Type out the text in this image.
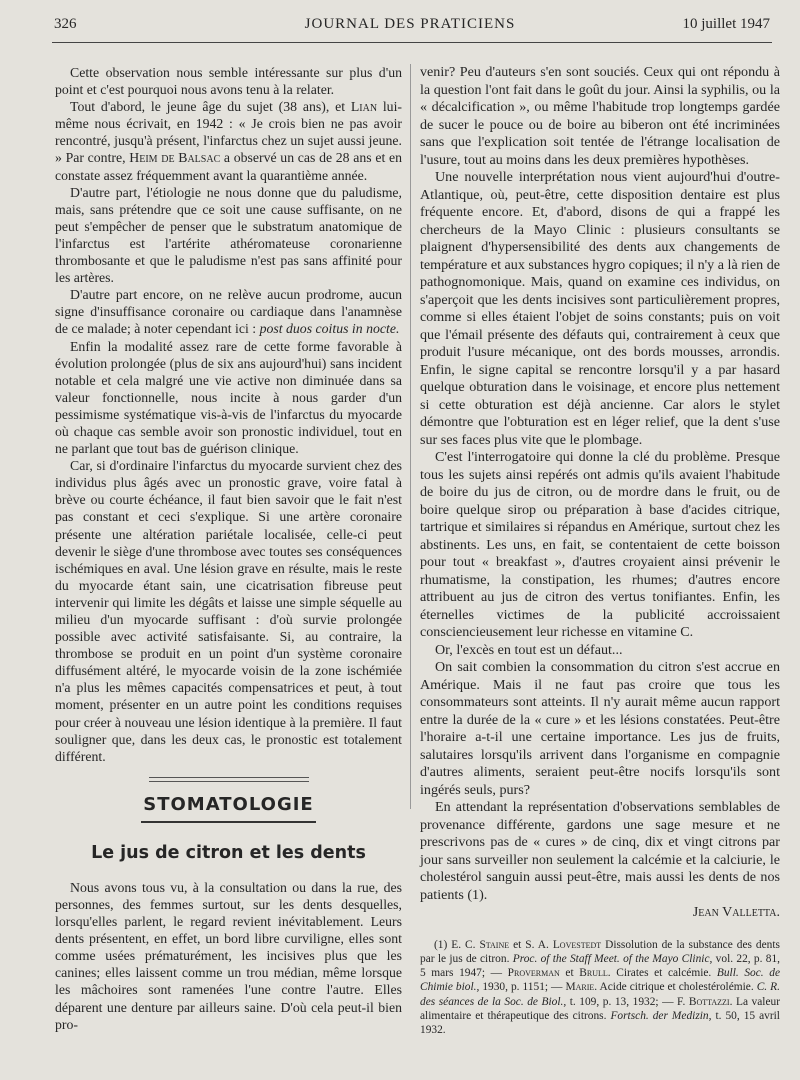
326	JOURNAL DES PRATICIENS	10 juillet 1947

Cette observation nous semble intéressante sur plus d'un point et c'est pourquoi nous avons tenu à la relater.

Tout d'abord, le jeune âge du sujet (38 ans), et Lian lui-même nous écrivait, en 1942 : « Je crois bien ne pas avoir rencontré, jusqu'à présent, l'infarctus chez un sujet aussi jeune. » Par contre, Heim de Balsac a observé un cas de 28 ans et en constate assez fréquemment avant la quarantième année.

D'autre part, l'étiologie ne nous donne que du paludisme, mais, sans prétendre que ce soit une cause suffisante, on ne peut s'empêcher de penser que le substratum anatomique de l'infarctus est l'artérite athéromateuse coronarienne thrombosante et que le paludisme n'est pas sans affinité pour les artères.

D'autre part encore, on ne relève aucun prodrome, aucun signe d'insuffisance coronaire ou cardiaque dans l'anamnèse de ce malade; à noter cependant ici : post duos coitus in nocte.

Enfin la modalité assez rare de cette forme favorable à évolution prolongée (plus de six ans aujourd'hui) sans incident notable et cela malgré une vie active non diminuée dans sa valeur fonctionnelle, nous incite à nous garder d'un pessimisme systématique vis-à-vis de l'infarctus du myocarde où chaque cas semble avoir son pronostic individuel, tout en ne parlant que tout bas de guérison clinique.

Car, si d'ordinaire l'infarctus du myocarde survient chez des individus plus âgés avec un pronostic grave, voire fatal à brève ou courte échéance, il faut bien savoir que le fait n'est pas constant et ceci s'explique. Si une artère coronaire présente une altération pariétale localisée, celle-ci peut devenir le siège d'une thrombose avec toutes ses conséquences ischémiques en aval. Une lésion grave en résulte, mais le reste du myocarde étant sain, une cicatrisation fibreuse peut intervenir qui limite les dégâts et laisse une simple séquelle au milieu d'un myocarde suffisant : d'où survie prolongée possible avec activité satisfaisante. Si, au contraire, la thrombose se produit en un point d'un système coronaire diffusément altéré, le myocarde voisin de la zone ischémiée n'a plus les mêmes capacités compensatrices et peut, à tout moment, présenter en un autre point les conditions requises pour créer à nouveau une lésion identique à la première. Il faut souligner que, dans les deux cas, le pronostic est totalement différent.

STOMATOLOGIE
Le jus de citron et les dents

Nous avons tous vu, à la consultation ou dans la rue, des personnes, des femmes surtout, sur les dents desquelles, lorsqu'elles parlent, le regard revient inévitablement. Leurs dents présentent, en effet, un bord libre curviligne, elles sont comme usées prématurément, les incisives plus que les canines; elles laissent comme un trou médian, même lorsque les mâchoires sont ramenées l'une contre l'autre. Elles déparent une denture par ailleurs saine. D'où cela peut-il bien pro-

venir? Peu d'auteurs s'en sont souciés. Ceux qui ont répondu à la question l'ont fait dans le goût du jour. Ainsi la syphilis, ou la « décalcification », ou même l'habitude trop longtemps gardée de sucer le pouce ou de boire au biberon ont été incriminées sans que l'explication soit tentée de l'étrange localisation de l'usure, tout au moins dans les deux premières hypothèses.

Une nouvelle interprétation nous vient aujourd'hui d'outre-Atlantique, où, peut-être, cette disposition dentaire est plus fréquente encore. Et, d'abord, disons de qui a frappé les chercheurs de la Mayo Clinic : plusieurs consultants se plaignent d'hypersensibilité des dents aux changements de température et aux substances hygro copiques; il n'y a là rien de pathognomonique. Mais, quand on examine ces individus, on s'aperçoit que les dents incisives sont particulièrement propres, comme si elles étaient l'objet de soins constants; puis on voit que l'émail présente des défauts qui, contrairement à ceux que produit l'usure mécanique, ont des bords mousses, arrondis. Enfin, le signe capital se rencontre lorsqu'il y a par hasard quelque obturation dans le voisinage, et encore plus nettement si cette obturation est déjà ancienne. Car alors le stylet démontre que l'obturation est en léger relief, que la dent s'use sur ses faces plus vite que le plombage.

C'est l'interrogatoire qui donne la clé du problème. Presque tous les sujets ainsi repérés ont admis qu'ils avaient l'habitude de boire du jus de citron, ou de mordre dans le fruit, ou de boire quelque sirop ou préparation à base d'acides citrique, tartrique et similaires si répandus en Amérique, surtout chez les abstinents. Les uns, en fait, se contentaient de cette boisson pour tout « breakfast », d'autres croyaient ainsi prévenir le rhumatisme, la constipation, les rhumes; d'autres encore attribuent au jus de citron des vertus tonifiantes. Enfin, les éternelles victimes de la publicité accroissaient consciencieusement leur richesse en vitamine C.

Or, l'excès en tout est un défaut...

On sait combien la consommation du citron s'est accrue en Amérique. Mais il ne faut pas croire que tous les consommateurs sont atteints. Il n'y aurait même aucun rapport entre la durée de la « cure » et les lésions constatées. Peut-être l'horaire a-t-il une certaine importance. Les jus de fruits, salutaires lorsqu'ils arrivent dans l'organisme en compagnie d'autres aliments, seraient peut-être nocifs lorsqu'ils sont ingérés seuls, purs?

En attendant la représentation d'observations semblables de provenance différente, gardons une sage mesure et ne prescrivons pas de « cures » de cinq, dix et vingt citrons par jour sans surveiller non seulement la calcémie et la calciurie, le cholestérol sanguin aussi peut-être, mais aussi les dents de nos patients (1).

Jean Valletta.

(1) E. C. Staine et S. A. Lovestedt Dissolution de la substance des dents par le jus de citron. Proc. of the Staff Meet. of the Mayo Clinic, vol. 22, p. 81, 5 mars 1947; — Proverman et Brull. Cirates et calcémie. Bull. Soc. de Chimie biol., 1930, p. 1151; — Marie. Acide citrique et cholestérolémie. C. R. des séances de la Soc. de Biol., t. 109, p. 13, 1932; — F. Bottazzi. La valeur alimentaire et thérapeutique des citrons. Fortsch. der Medizin, t. 50, 15 avril 1932.
